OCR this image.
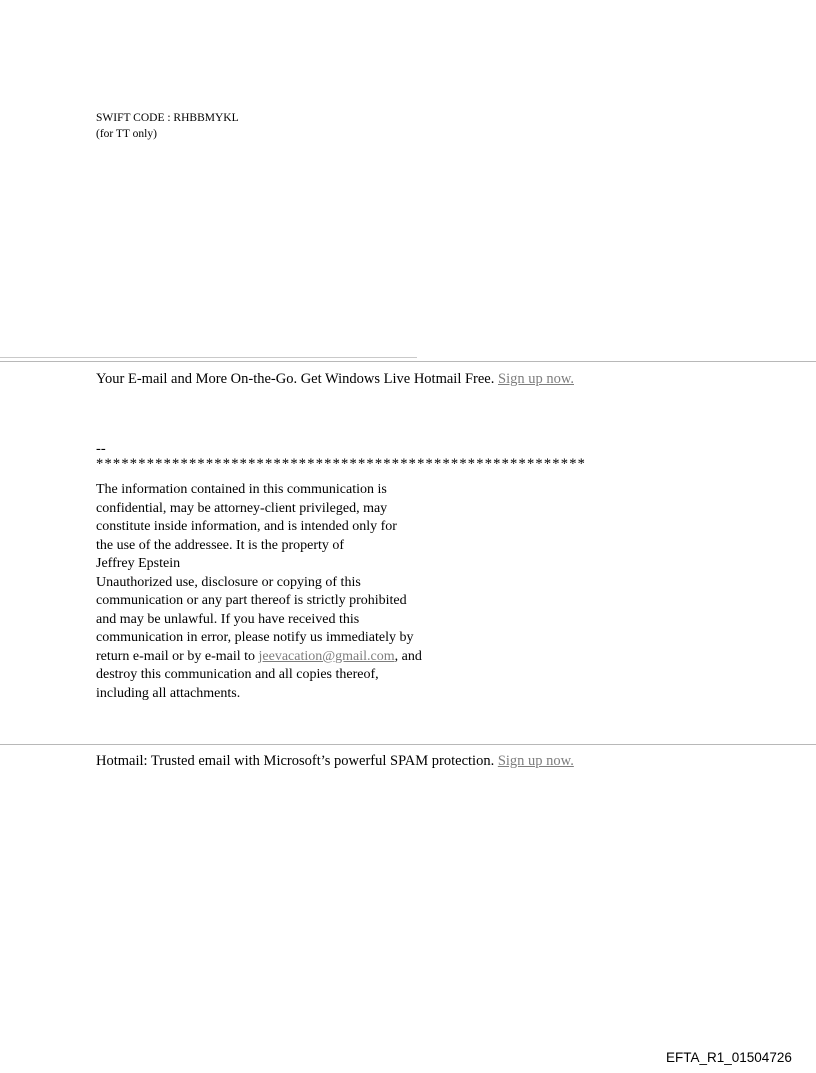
SWIFT CODE : RHBBMYKL
(for TT only)
Your E-mail and More On-the-Go. Get Windows Live Hotmail Free. Sign up now.
--
**********************************************************
The information contained in this communication is
confidential, may be attorney-client privileged, may
constitute inside information, and is intended only for
the use of the addressee. It is the property of
Jeffrey Epstein
Unauthorized use, disclosure or copying of this
communication or any part thereof is strictly prohibited
and may be unlawful. If you have received this
communication in error, please notify us immediately by
return e-mail or by e-mail to jeevacation@gmail.com, and
destroy this communication and all copies thereof,
including all attachments.
Hotmail: Trusted email with Microsoft’s powerful SPAM protection. Sign up now.
EFTA_R1_01504726
